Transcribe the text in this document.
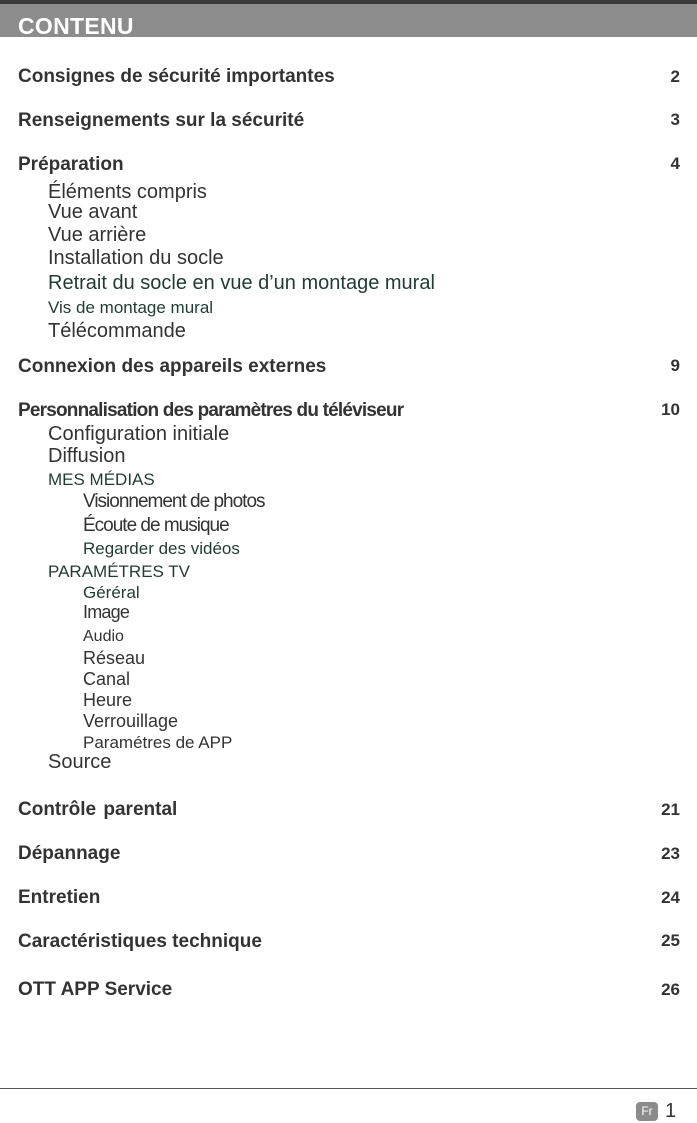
CONTENU
Consignes de sécurité importantes	2
Renseignements sur la sécurité	3
Préparation	4
Éléments compris
Vue avant
Vue arrière
Installation du socle
Retrait du socle en vue d’un montage mural
Vis de montage mural
Télécommande
Connexion des appareils externes	9
Personnalisation des paramètres du téléviseur	10
Configuration initiale
Diffusion
MES MÉDIAS
Visionnement de photos
Écoute de musique
Regarder des vidéos
PARAMÉTRES TV
Géréral
Image
Audio
Réseau
Canal
Heure
Verrouillage
Paramétres de APP
Source
Contrôle parental	21
Dépannage	23
Entretien	24
Caractéristiques technique	25
OTT APP Service	26
Fr 1
